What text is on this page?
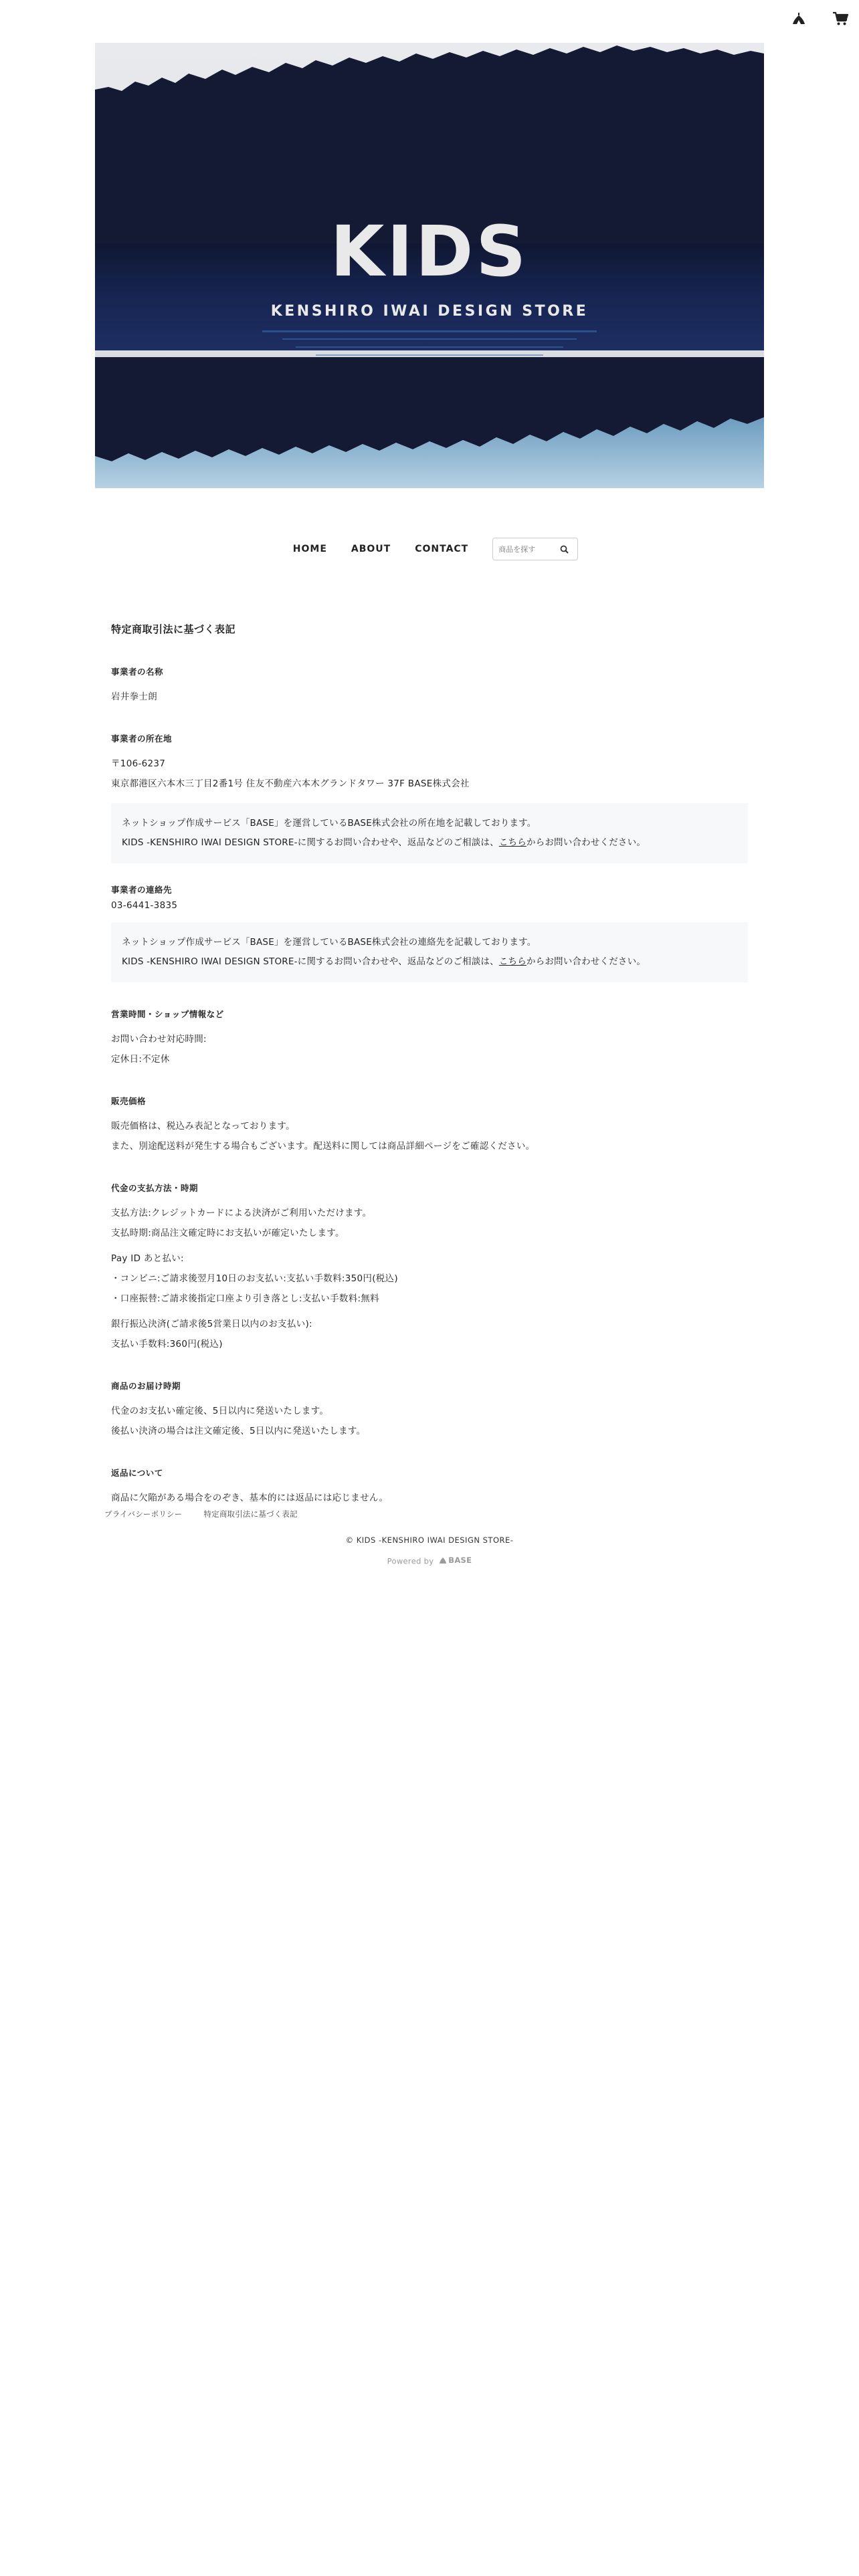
KIDS
KENSHIRO IWAI DESIGN STORE
HOME	ABOUT	CONTACT
商品を探す
特定商取引法に基づく表記
事業者の名称
岩井拳士朗
事業者の所在地
〒106-6237
東京都港区六本木三丁目2番1号 住友不動産六本木グランドタワー 37F BASE株式会社
ネットショップ作成サービス「BASE」を運営しているBASE株式会社の所在地を記載しております。
KIDS -KENSHIRO IWAI DESIGN STORE-に関するお問い合わせや、返品などのご相談は、こちらからお問い合わせください。
事業者の連絡先
03-6441-3835
ネットショップ作成サービス「BASE」を運営しているBASE株式会社の連絡先を記載しております。
KIDS -KENSHIRO IWAI DESIGN STORE-に関するお問い合わせや、返品などのご相談は、こちらからお問い合わせください。
営業時間・ショップ情報など
お問い合わせ対応時間:
定休日:不定休
販売価格
販売価格は、税込み表記となっております。
また、別途配送料が発生する場合もございます。配送料に関しては商品詳細ページをご確認ください。
代金の支払方法・時期
支払方法:クレジットカードによる決済がご利用いただけます。
支払時期:商品注文確定時にお支払いが確定いたします。
Pay ID あと払い:
・コンビニ:ご請求後翌月10日のお支払い:支払い手数料:350円(税込)
・口座振替:ご請求後指定口座より引き落とし:支払い手数料:無料
銀行振込決済(ご請求後5営業日以内のお支払い):
支払い手数料:360円(税込)
商品のお届け時期
代金のお支払い確定後、5日以内に発送いたします。
後払い決済の場合は注文確定後、5日以内に発送いたします。
返品について
商品に欠陥がある場合をのぞき、基本的には返品には応じません。
プライバシーポリシー	特定商取引法に基づく表記
© KIDS -KENSHIRO IWAI DESIGN STORE-
Powered by BASE
